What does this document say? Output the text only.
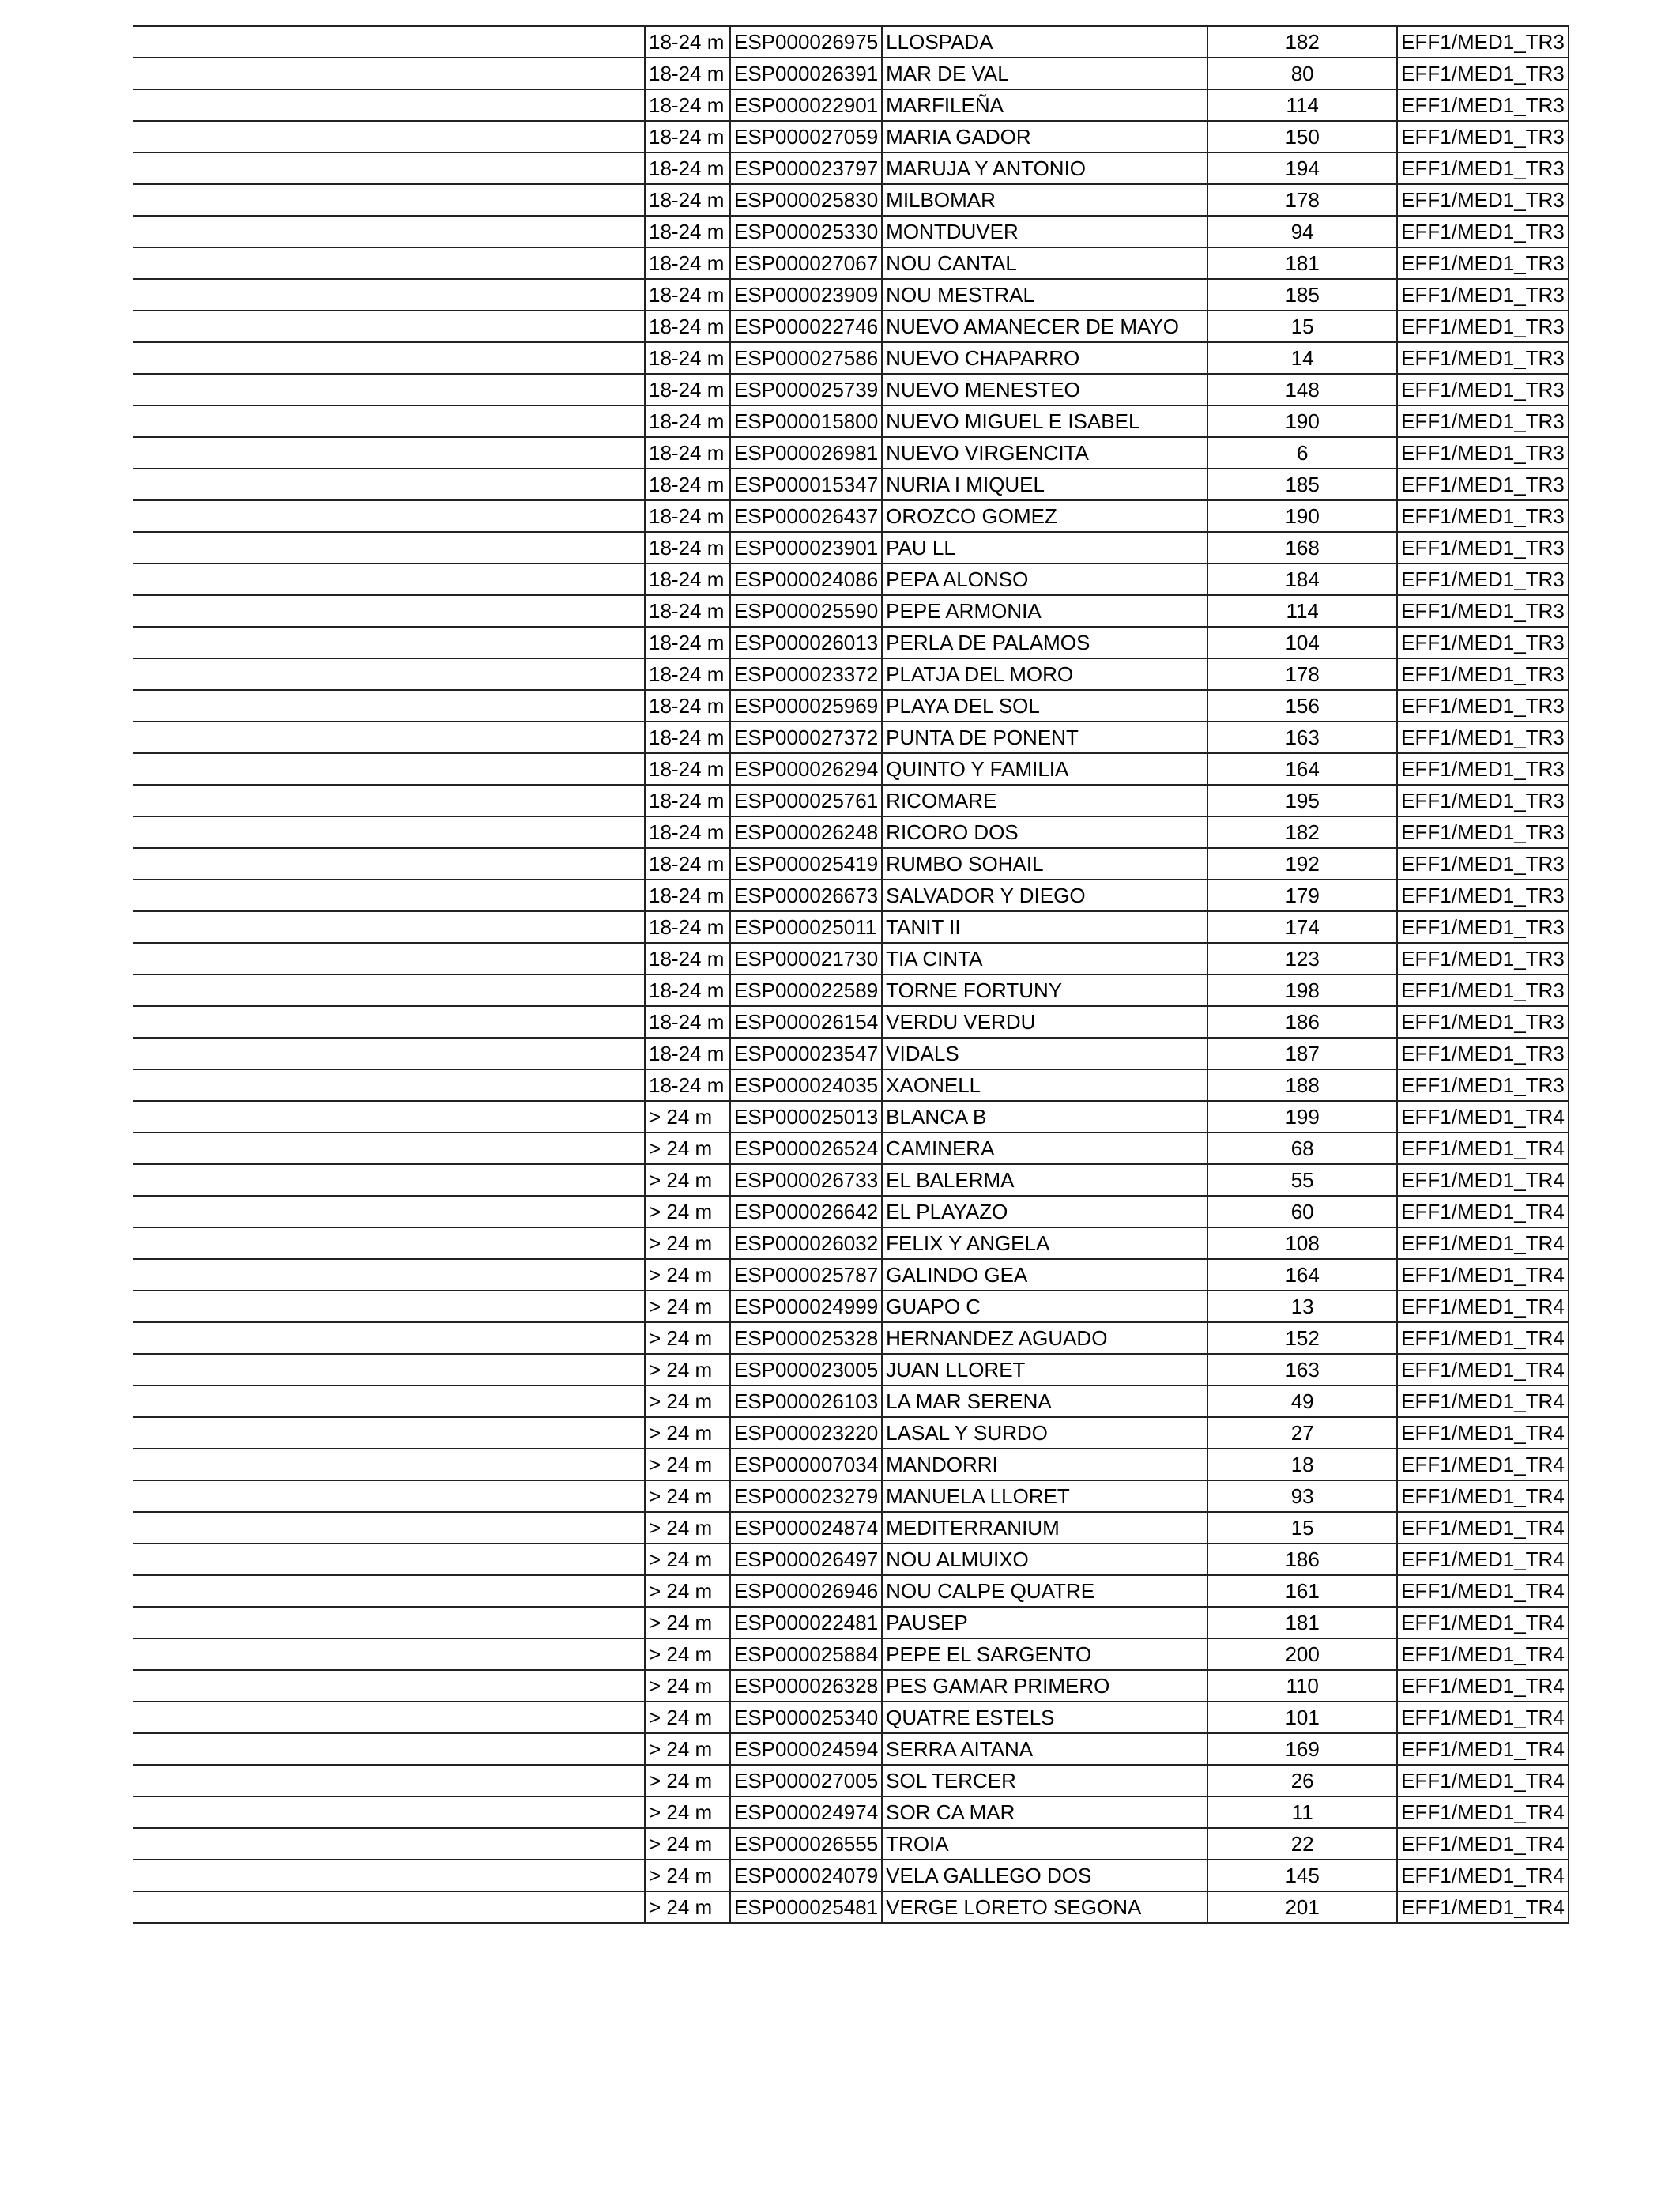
	18-24 m	ESP000026975	LLOSPADA	182	EFF1/MED1_TR3
	18-24 m	ESP000026391	MAR DE VAL	80	EFF1/MED1_TR3
	18-24 m	ESP000022901	MARFILEÑA	114	EFF1/MED1_TR3
	18-24 m	ESP000027059	MARIA GADOR	150	EFF1/MED1_TR3
	18-24 m	ESP000023797	MARUJA Y ANTONIO	194	EFF1/MED1_TR3
	18-24 m	ESP000025830	MILBOMAR	178	EFF1/MED1_TR3
	18-24 m	ESP000025330	MONTDUVER	94	EFF1/MED1_TR3
	18-24 m	ESP000027067	NOU CANTAL	181	EFF1/MED1_TR3
	18-24 m	ESP000023909	NOU MESTRAL	185	EFF1/MED1_TR3
	18-24 m	ESP000022746	NUEVO AMANECER DE MAYO	15	EFF1/MED1_TR3
	18-24 m	ESP000027586	NUEVO CHAPARRO	14	EFF1/MED1_TR3
	18-24 m	ESP000025739	NUEVO MENESTEO	148	EFF1/MED1_TR3
	18-24 m	ESP000015800	NUEVO MIGUEL E ISABEL	190	EFF1/MED1_TR3
	18-24 m	ESP000026981	NUEVO VIRGENCITA	6	EFF1/MED1_TR3
	18-24 m	ESP000015347	NURIA I MIQUEL	185	EFF1/MED1_TR3
	18-24 m	ESP000026437	OROZCO GOMEZ	190	EFF1/MED1_TR3
	18-24 m	ESP000023901	PAU LL	168	EFF1/MED1_TR3
	18-24 m	ESP000024086	PEPA ALONSO	184	EFF1/MED1_TR3
	18-24 m	ESP000025590	PEPE ARMONIA	114	EFF1/MED1_TR3
	18-24 m	ESP000026013	PERLA DE PALAMOS	104	EFF1/MED1_TR3
	18-24 m	ESP000023372	PLATJA DEL MORO	178	EFF1/MED1_TR3
	18-24 m	ESP000025969	PLAYA DEL SOL	156	EFF1/MED1_TR3
	18-24 m	ESP000027372	PUNTA DE PONENT	163	EFF1/MED1_TR3
	18-24 m	ESP000026294	QUINTO Y FAMILIA	164	EFF1/MED1_TR3
	18-24 m	ESP000025761	RICOMARE	195	EFF1/MED1_TR3
	18-24 m	ESP000026248	RICORO DOS	182	EFF1/MED1_TR3
	18-24 m	ESP000025419	RUMBO SOHAIL	192	EFF1/MED1_TR3
	18-24 m	ESP000026673	SALVADOR Y DIEGO	179	EFF1/MED1_TR3
	18-24 m	ESP000025011	TANIT II	174	EFF1/MED1_TR3
	18-24 m	ESP000021730	TIA CINTA	123	EFF1/MED1_TR3
	18-24 m	ESP000022589	TORNE FORTUNY	198	EFF1/MED1_TR3
	18-24 m	ESP000026154	VERDU VERDU	186	EFF1/MED1_TR3
	18-24 m	ESP000023547	VIDALS	187	EFF1/MED1_TR3
	18-24 m	ESP000024035	XAONELL	188	EFF1/MED1_TR3
	> 24 m	ESP000025013	BLANCA B	199	EFF1/MED1_TR4
	> 24 m	ESP000026524	CAMINERA	68	EFF1/MED1_TR4
	> 24 m	ESP000026733	EL BALERMA	55	EFF1/MED1_TR4
	> 24 m	ESP000026642	EL PLAYAZO	60	EFF1/MED1_TR4
	> 24 m	ESP000026032	FELIX Y ANGELA	108	EFF1/MED1_TR4
	> 24 m	ESP000025787	GALINDO GEA	164	EFF1/MED1_TR4
	> 24 m	ESP000024999	GUAPO C	13	EFF1/MED1_TR4
	> 24 m	ESP000025328	HERNANDEZ AGUADO	152	EFF1/MED1_TR4
	> 24 m	ESP000023005	JUAN LLORET	163	EFF1/MED1_TR4
	> 24 m	ESP000026103	LA MAR SERENA	49	EFF1/MED1_TR4
	> 24 m	ESP000023220	LASAL Y SURDO	27	EFF1/MED1_TR4
	> 24 m	ESP000007034	MANDORRI	18	EFF1/MED1_TR4
	> 24 m	ESP000023279	MANUELA LLORET	93	EFF1/MED1_TR4
	> 24 m	ESP000024874	MEDITERRANIUM	15	EFF1/MED1_TR4
	> 24 m	ESP000026497	NOU ALMUIXO	186	EFF1/MED1_TR4
	> 24 m	ESP000026946	NOU CALPE QUATRE	161	EFF1/MED1_TR4
	> 24 m	ESP000022481	PAUSEP	181	EFF1/MED1_TR4
	> 24 m	ESP000025884	PEPE EL SARGENTO	200	EFF1/MED1_TR4
	> 24 m	ESP000026328	PES GAMAR PRIMERO	110	EFF1/MED1_TR4
	> 24 m	ESP000025340	QUATRE ESTELS	101	EFF1/MED1_TR4
	> 24 m	ESP000024594	SERRA AITANA	169	EFF1/MED1_TR4
	> 24 m	ESP000027005	SOL TERCER	26	EFF1/MED1_TR4
	> 24 m	ESP000024974	SOR CA MAR	11	EFF1/MED1_TR4
	> 24 m	ESP000026555	TROIA	22	EFF1/MED1_TR4
	> 24 m	ESP000024079	VELA GALLEGO DOS	145	EFF1/MED1_TR4
	> 24 m	ESP000025481	VERGE LORETO SEGONA	201	EFF1/MED1_TR4
